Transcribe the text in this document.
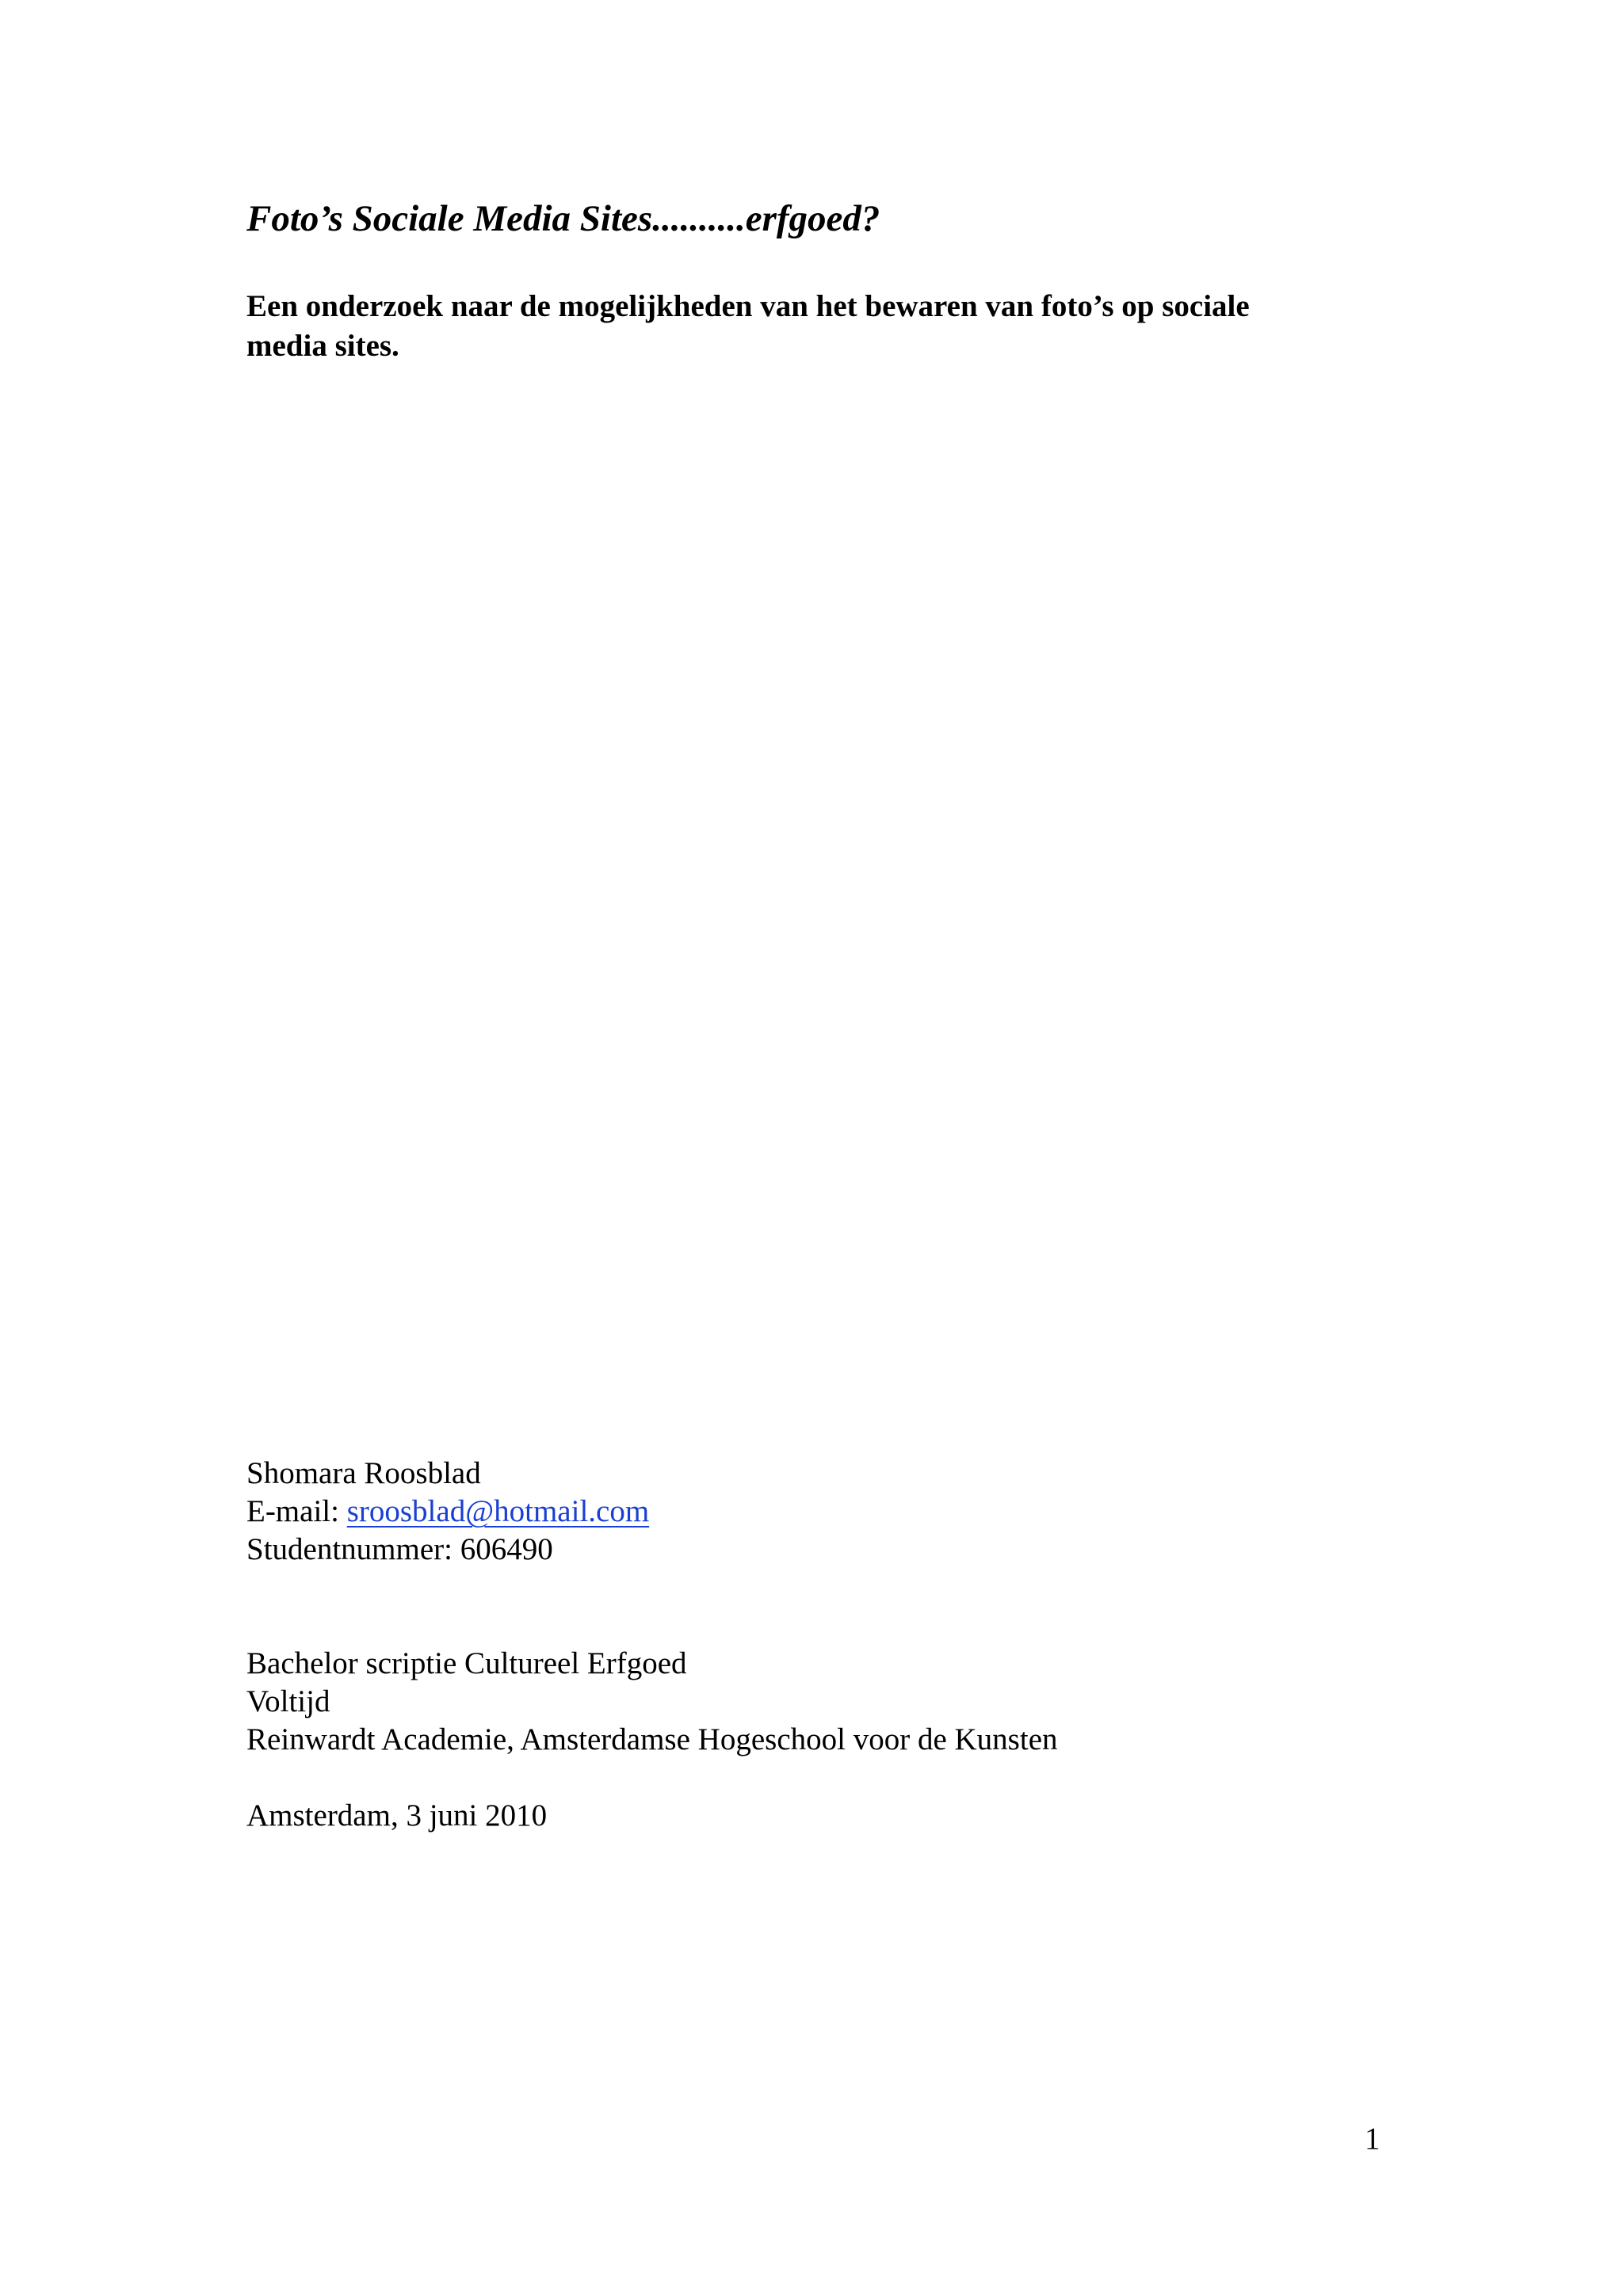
Foto’s Sociale Media Sites..........erfgoed?
Een onderzoek naar de mogelijkheden van het bewaren van foto’s op sociale
media sites.
Shomara Roosblad
E-mail: sroosblad@hotmail.com
Studentnummer: 606490
Bachelor scriptie Cultureel Erfgoed
Voltijd
Reinwardt Academie, Amsterdamse Hogeschool voor de Kunsten
Amsterdam, 3 juni 2010
1
